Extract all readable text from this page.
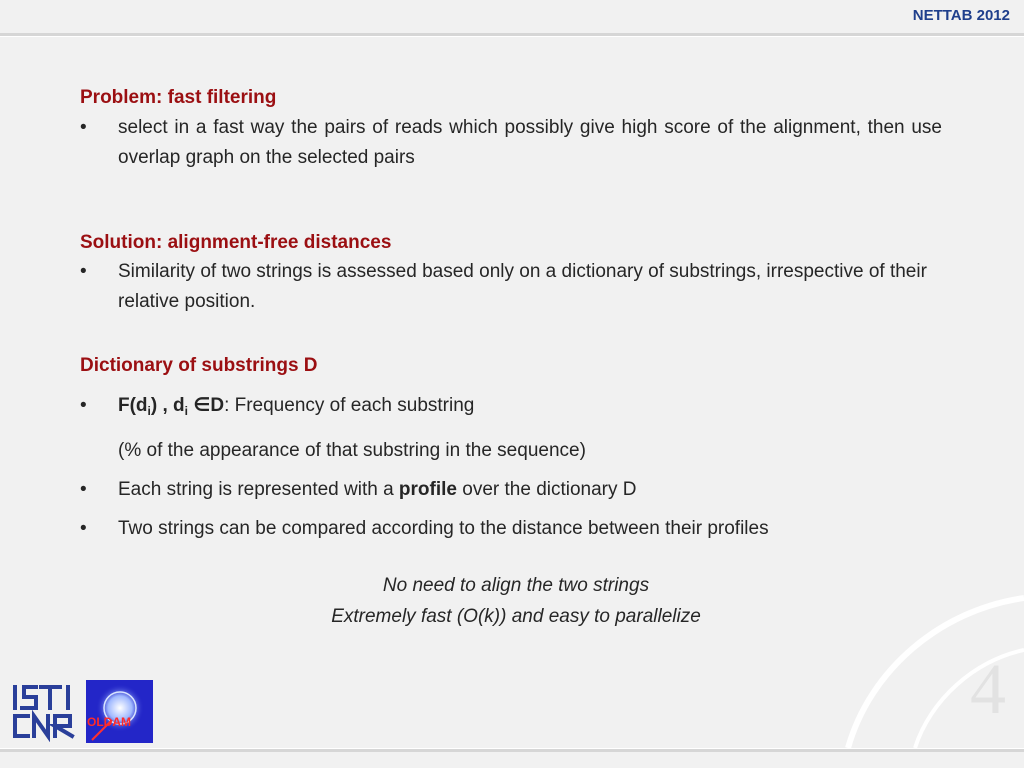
NETTAB 2012

Problem: fast filtering

• select in a fast way the pairs of reads which possibly give high score of the alignment, then use overlap graph on the selected pairs

Solution: alignment-free distances

• Similarity of two strings is assessed based only on a dictionary of substrings, irrespective of their relative position.

Dictionary of substrings D

• $F(d_i)$ , $d_i$ ∈D: Frequency of each substring
(% of the appearance of that substring in the sequence)
• Each string is represented with a profile over the dictionary D
• Two strings can be compared according to the distance between their profiles
No need to align the two strings
Extremely fast (O(k)) and easy to parallelize
4
OLDAM
